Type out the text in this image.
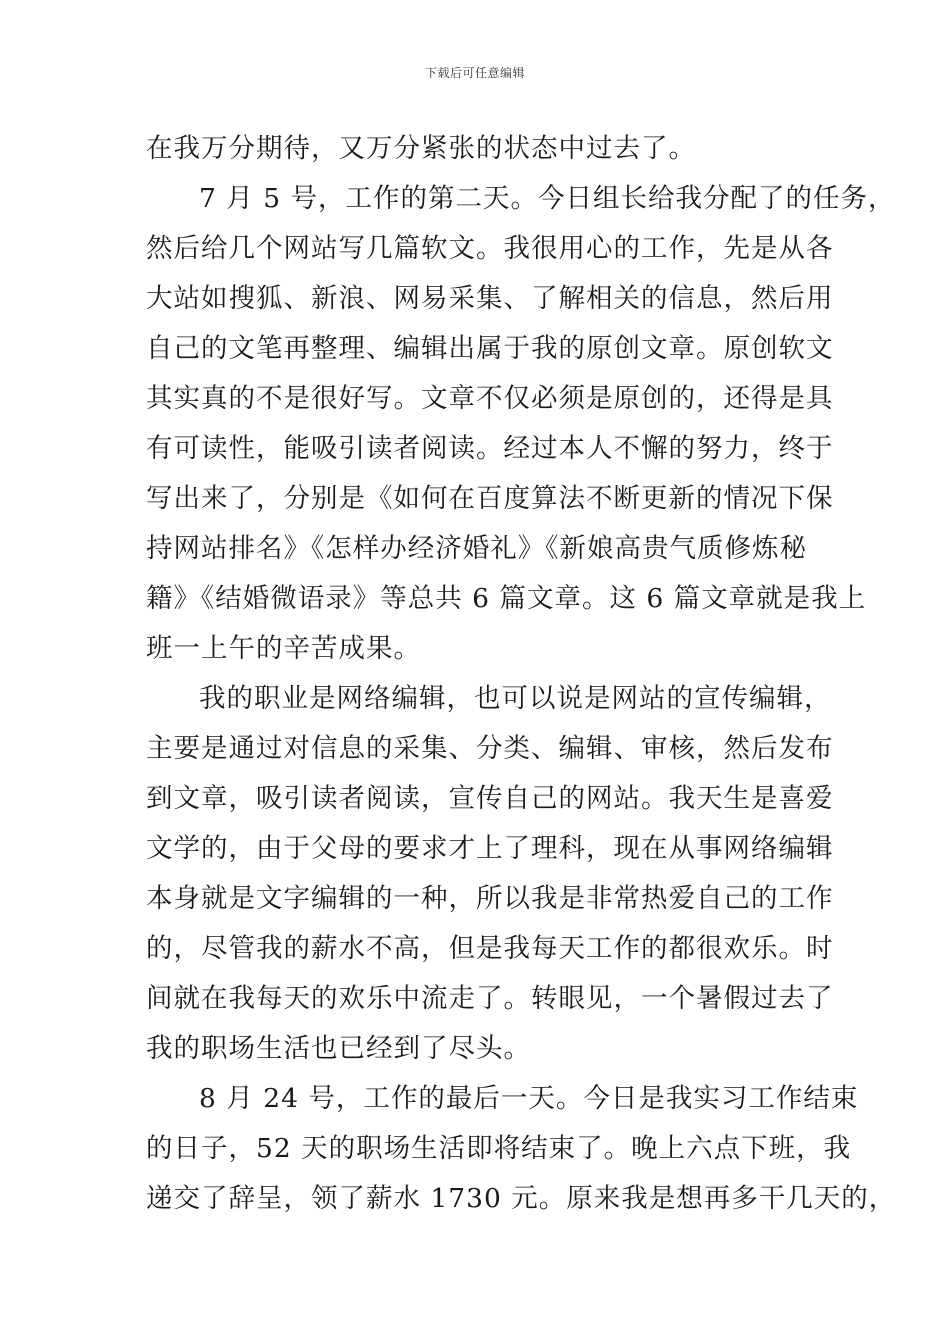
下载后可任意编辑
在我万分期待，又万分紧张的状态中过去了。
7 月 5 号，工作的第二天。今日组长给我分配了的任务，
然后给几个网站写几篇软文。我很用心的工作，先是从各
大站如搜狐、新浪、网易采集、了解相关的信息，然后用
自己的文笔再整理、编辑出属于我的原创文章。原创软文
其实真的不是很好写。文章不仅必须是原创的，还得是具
有可读性，能吸引读者阅读。经过本人不懈的努力，终于
写出来了，分别是《如何在百度算法不断更新的情况下保
持网站排名》《怎样办经济婚礼》《新娘高贵气质修炼秘
籍》《结婚微语录》等总共 6 篇文章。这 6 篇文章就是我上
班一上午的辛苦成果。
我的职业是网络编辑，也可以说是网站的宣传编辑，
主要是通过对信息的采集、分类、编辑、审核，然后发布
到文章，吸引读者阅读，宣传自己的网站。我天生是喜爱
文学的，由于父母的要求才上了理科，现在从事网络编辑
本身就是文字编辑的一种，所以我是非常热爱自己的工作
的，尽管我的薪水不高，但是我每天工作的都很欢乐。时
间就在我每天的欢乐中流走了。转眼见，一个暑假过去了
我的职场生活也已经到了尽头。
8 月 24 号，工作的最后一天。今日是我实习工作结束
的日子，52 天的职场生活即将结束了。晚上六点下班，我
递交了辞呈，领了薪水 1730 元。原来我是想再多干几天的，
